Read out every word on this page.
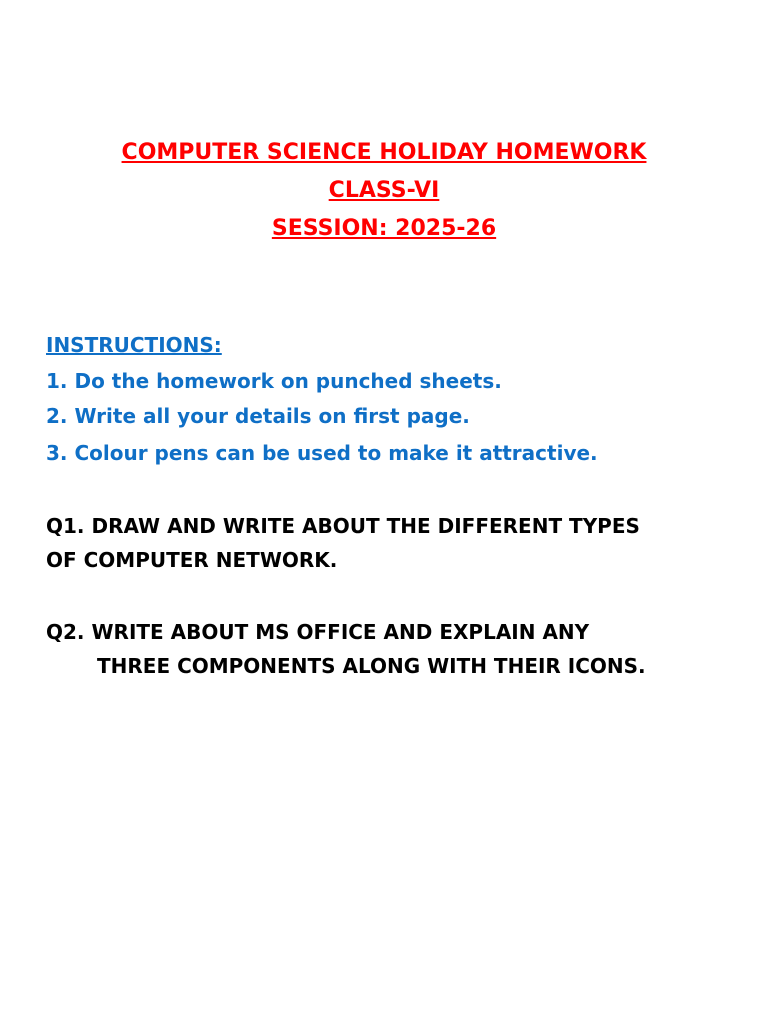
COMPUTER SCIENCE HOLIDAY HOMEWORK
CLASS-VI
SESSION: 2025-26
INSTRUCTIONS:
1. Do the homework on punched sheets.
2. Write all your details on first page.
3. Colour pens can be used to make it attractive.
Q1. DRAW AND WRITE ABOUT THE DIFFERENT TYPES
OF COMPUTER NETWORK.
Q2. WRITE ABOUT MS OFFICE AND EXPLAIN ANY
THREE COMPONENTS ALONG WITH THEIR ICONS.
